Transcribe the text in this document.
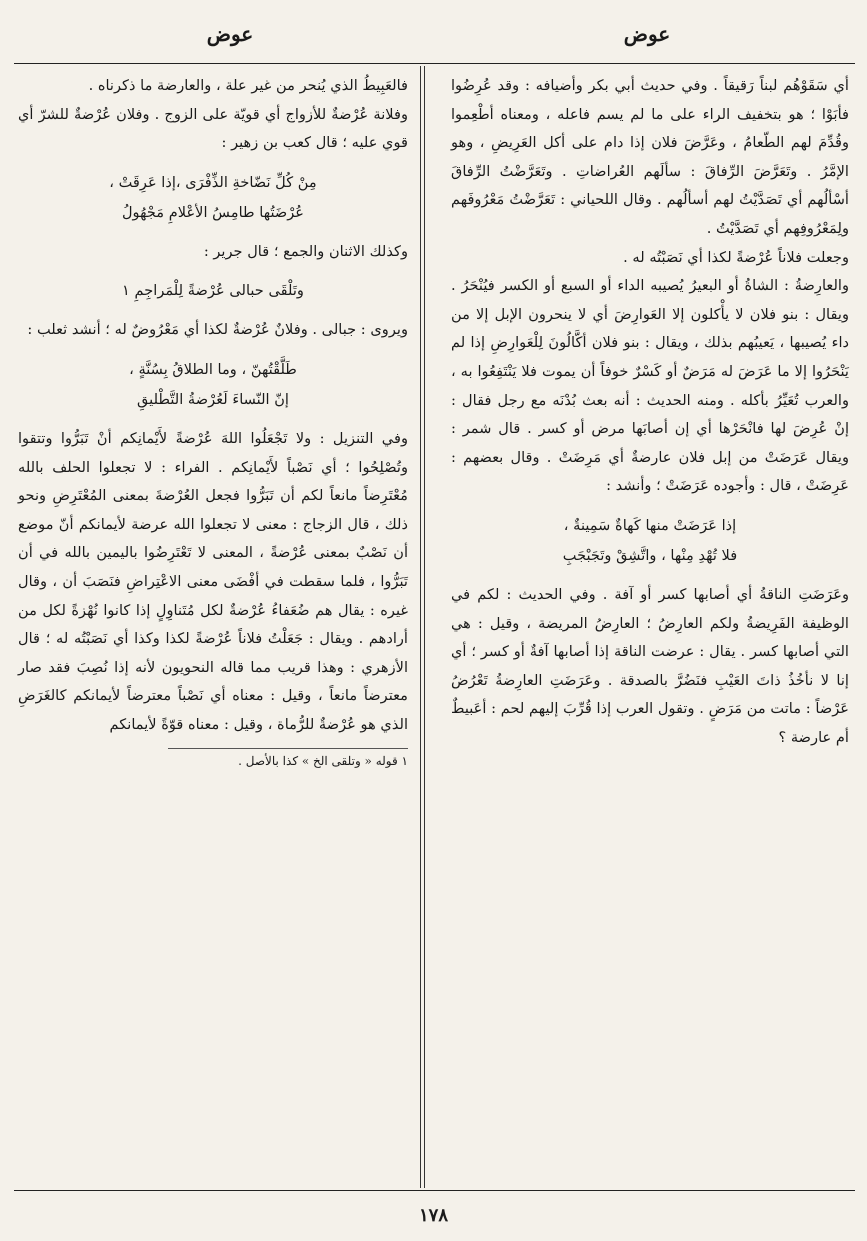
عوض
عوض

أي سَقَوْهُم لبناً رَقيقاً . وفي حديث أبي بكر وأضيافه : وقد عُرِضُوا فأبَوْا ؛ هو بتخفيف الراء على ما لم يسم فاعله ، ومعناه أطْعِموا وقُدِّمَ لهم الطّعامُ ، وعَرَّضَ فلان إذا دام على أكل العَرِيضِ ، وهو الإمَّرُ . وتَعَرَّضَ الرِّفاقَ : سألَهم العُراضاتِ . وتَعَرَّضْتُ الرِّفاقَ أسْألُهم أي تَصَدَّيْتُ لهم أسألُهم . وقال اللحياني : تَعَرَّضْتُ مَعْرُوفَهم ولِمَعْرُوفِهم أي تَصَدَّيْتُ .

وجعلت فلاناً عُرْضةً لكذا أي نَصَبْتُه له .

والعارِضةُ : الشاةُ أو البعيرُ يُصيبه الداء أو السبع أو الكسر فيُنْحَرُ . ويقال : بنو فلان لا يأْكلون إلا العَوارِضَ أي لا ينحرون الإبل إلا من داء يُصيبها ، يَعيبُهم بذلك ، ويقال : بنو فلان أكَّالُونَ لِلْعَوارِضِ إذا لم يَنْحَرُوا إلا ما عَرَضَ له مَرَضٌ أو كَسْرٌ خوفاً أن يموت فلا يَنْتَفِعُوا به ، والعرب تُعَيِّرُ بأكله . ومنه الحديث : أنه بعث بُدْنَه مع رجل فقال : إنْ عُرِضَ لها فانْحَرْها أي إن أصابَها مرض أو كسر . قال شمر : ويقال عَرَضَتْ من إبل فلان عارضةٌ أي مَرِضَتْ . وقال بعضهم : عَرِضَتْ ، قال : وأجوده عَرَضَتْ ؛ وأنشد :

إذا عَرَضَتْ منها كَهاةٌ سَمِينةٌ ،
فلا تُهْدِ مِنْها ، واتَّشِقْ وتَجَبْجَبِ

وعَرَضَتِ الناقةُ أي أصابها كسر أو آفة . وفي الحديث : لكم في الوظيفة الفَرِيضةُ ولكم العارِضُ ؛ العارِضُ المريضة ، وقيل : هي التي أصابها كسر . يقال : عرضت الناقة إذا أصابها آفةٌ أو كسر ؛ أي إنا لا نأخُذُ ذاتَ العَيْبِ فنَضُرَّ بالصدقة . وعَرَضَتِ العارِضةُ تَعْرُضُ عَرْضاً : ماتت من مَرَضٍ . وتقول العرب إذا قُرِّبَ إليهم لحم : أعَبيطٌ أم عارضة ؟

فالعَبِيطُ الذي يُنحر من غير علة ، والعارضة ما ذكرناه .

وفلانة عُرْضةٌ للأزواج أي قويّة على الزوج . وفلان عُرْضةٌ للشرّ أي قوي عليه ؛ قال كعب بن زهير :

مِنْ كُلِّ نَضّاخةِ الذِّفْرَى ،إذا عَرِقَتْ ،
عُرْضَتُها طامِسُ الأعْلامِ مَجْهُولُ

وكذلك الاثنان والجمع ؛ قال جرير :

وتَلْقَى حبالى عُرْضةً لِلْمَراجِمِ ١

ويروى : جبالى . وفلانٌ عُرْضةٌ لكذا أي مَعْرُوضٌ له ؛ أنشد ثعلب :

طَلَّقْتُهنّ ، وما الطلاقُ بِسُنَّةٍ ،
إنّ النّساءَ لَعُرْضةُ التَّطْليقِ

وفي التنزيل : ولا تَجْعَلُوا اللهَ عُرْضةً لأَيْمانِكم أنْ تَبَرُّوا وتتقوا وتُصْلِحُوا ؛ أي نَصْباً لأَيْمانِكم . الفراء : لا تجعلوا الحلف بالله مُعْتَرِضاً مانعاً لكم أن تَبَرُّوا فجعل العُرْضةَ بمعنى المُعْتَرِضِ ونحو ذلك ، قال الزجاج : معنى لا تجعلوا الله عرضة لأيمانكم أنّ موضع أن نَصْبٌ بمعنى عُرْضةً ، المعنى لا تَعْتَرِضُوا باليمين بالله في أن تَبَرُّوا ، فلما سقطت في أفْضَى معنى الاعْتِراضِ فنَصَبَ أن ، وقال غيره : يقال هم ضُعَفاءُ عُرْضةٌ لكل مُتَناوِلٍ إذا كانوا نُهْزةً لكل من أرادهم . ويقال : جَعَلْتُ فلاناً عُرْضةً لكذا وكذا أي نَصَبْتُه له ؛ قال الأزهري : وهذا قريب مما قاله النحويون لأنه إذا نُصِبَ فقد صار معترضاً مانعاً ، وقيل : معناه أي نَصْباً معترضاً لأيمانكم كالغَرَضِ الذي هو عُرْضةٌ للرُّماة ، وقيل : معناه قوّةً لأيمانكم

١ قوله « وتلقى الخ » كذا بالأصل .

١٧٨
